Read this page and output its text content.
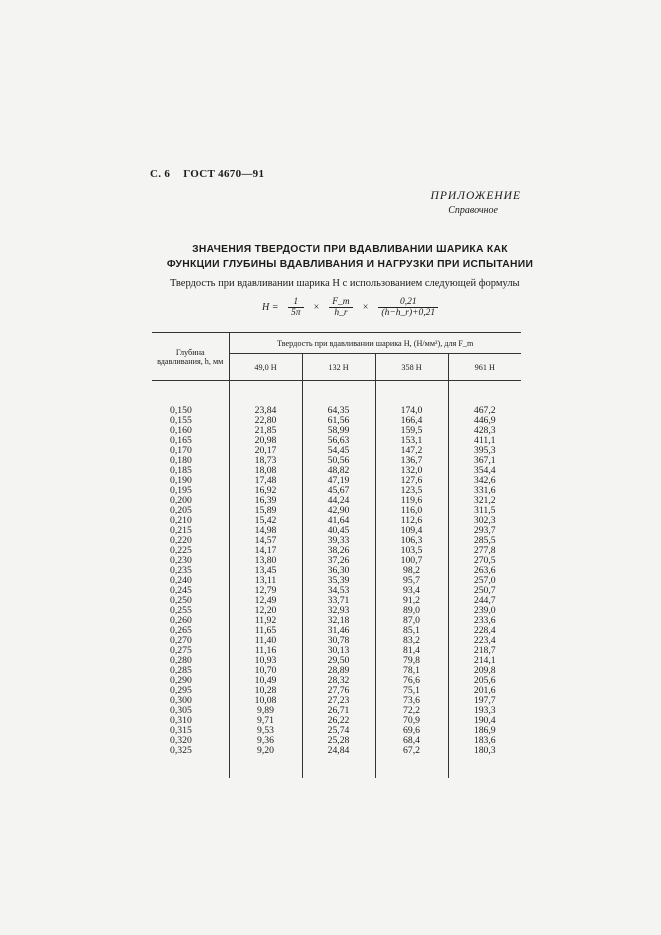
С. 6 ГОСТ 4670—91
ПРИЛОЖЕНИЕ
Справочное
ЗНАЧЕНИЯ ТВЕРДОСТИ ПРИ ВДАВЛИВАНИИ ШАРИКА КАК
ФУНКЦИИ ГЛУБИНЫ ВДАВЛИВАНИЯ И НАГРУЗКИ ПРИ ИСПЫТАНИИ
Твердость при вдавливании шарика H с использованием следующей формулы
$H = \frac{1}{5\pi} \times \frac{F\_m}{h\_r} \times \frac{0,21}{(h-h\_r)+0,21}$
Глубина вдавливания, h, мм	Твердость при вдавливании шарика H, (Н/мм²), для F_m			
	49,0 Н	132 Н	358 Н	961 Н

0,150	23,84	64,35	174,0	467,2
0,155	22,80	61,56	166,4	446,9
0,160	21,85	58,99	159,5	428,3
0,165	20,98	56,63	153,1	411,1
0,170	20,17	54,45	147,2	395,3
0,180	18,73	50,56	136,7	367,1
0,185	18,08	48,82	132,0	354,4
0,190	17,48	47,19	127,6	342,6
0,195	16,92	45,67	123,5	331,6
0,200	16,39	44,24	119,6	321,2
0,205	15,89	42,90	116,0	311,5
0,210	15,42	41,64	112,6	302,3
0,215	14,98	40,45	109,4	293,7
0,220	14,57	39,33	106,3	285,5
0,225	14,17	38,26	103,5	277,8
0,230	13,80	37,26	100,7	270,5
0,235	13,45	36,30	98,2	263,6
0,240	13,11	35,39	95,7	257,0
0,245	12,79	34,53	93,4	250,7
0,250	12,49	33,71	91,2	244,7
0,255	12,20	32,93	89,0	239,0
0,260	11,92	32,18	87,0	233,6
0,265	11,65	31,46	85,1	228,4
0,270	11,40	30,78	83,2	223,4
0,275	11,16	30,13	81,4	218,7
0,280	10,93	29,50	79,8	214,1
0,285	10,70	28,89	78,1	209,8
0,290	10,49	28,32	76,6	205,6
0,295	10,28	27,76	75,1	201,6
0,300	10,08	27,23	73,6	197,7
0,305	9,89	26,71	72,2	193,3
0,310	9,71	26,22	70,9	190,4
0,315	9,53	25,74	69,6	186,9
0,320	9,36	25,28	68,4	183,6
0,325	9,20	24,84	67,2	180,3
